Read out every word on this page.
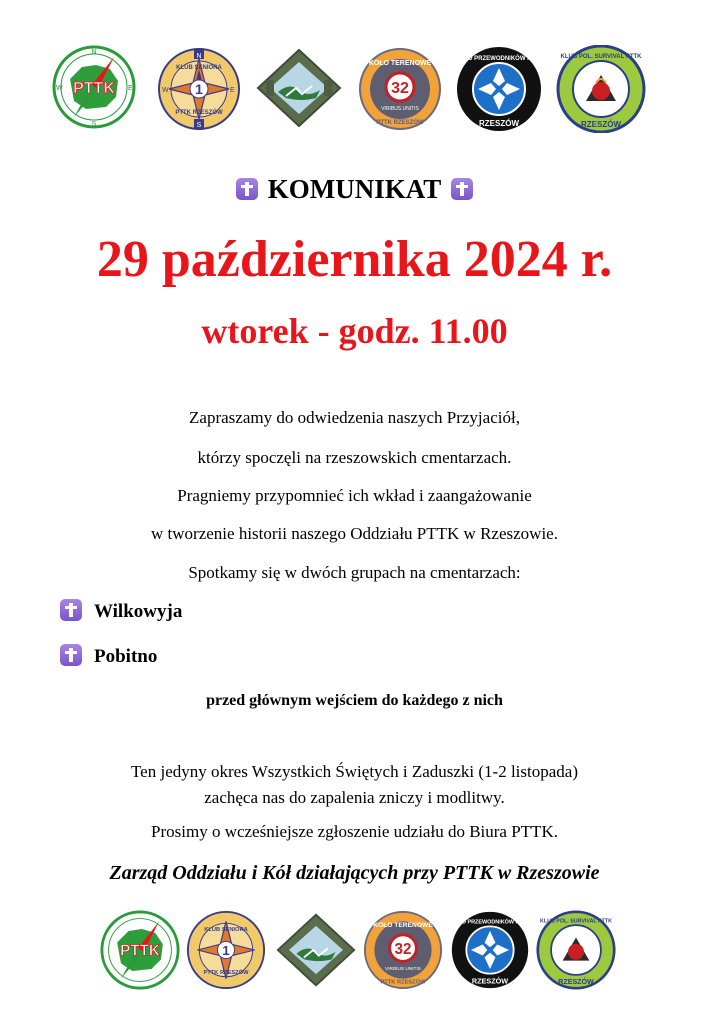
PTTK
N
S
W	E	1
N
S
W	E
KLUB SENIORA
PTTK RZESZÓW
32
KOŁO TERENOWE
VIRIBUS UNITIS
PTTK RZESZÓW
KOŁO PRZEWODNIKÓW PTTK
RZESZÓW
KLUB POL. SURVIVAL PTTK
RZESZÓW
KOMUNIKAT
29 października 2024 r.
wtorek - godz. 11.00
Zapraszamy do odwiedzenia naszych Przyjaciół,
którzy spoczęli na rzeszowskich cmentarzach.
Pragniemy przypomnieć ich wkład i zaangażowanie
w tworzenie historii naszego Oddziału PTTK w Rzeszowie.
Spotkamy się w dwóch grupach na cmentarzach:
Wilkowyja
Pobitno
przed głównym wejściem do każdego z nich
Ten jedyny okres Wszystkich Świętych i Zaduszki (1-2 listopada)
zachęca nas do zapalenia zniczy i modlitwy.
Prosimy o wcześniejsze zgłoszenie udziału do Biura PTTK.
Zarząd Oddziału i Kół działających przy PTTK w Rzeszowie
PTTK	1
KLUB SENIORA
PTTK RZESZÓW
32
KOŁO TERENOWE
VIRIBUS UNITIS
PTTK RZESZÓW
KOŁO PRZEWODNIKÓW PTTK
RZESZÓW
KLUB POL. SURVIVAL PTTK
RZESZÓW
